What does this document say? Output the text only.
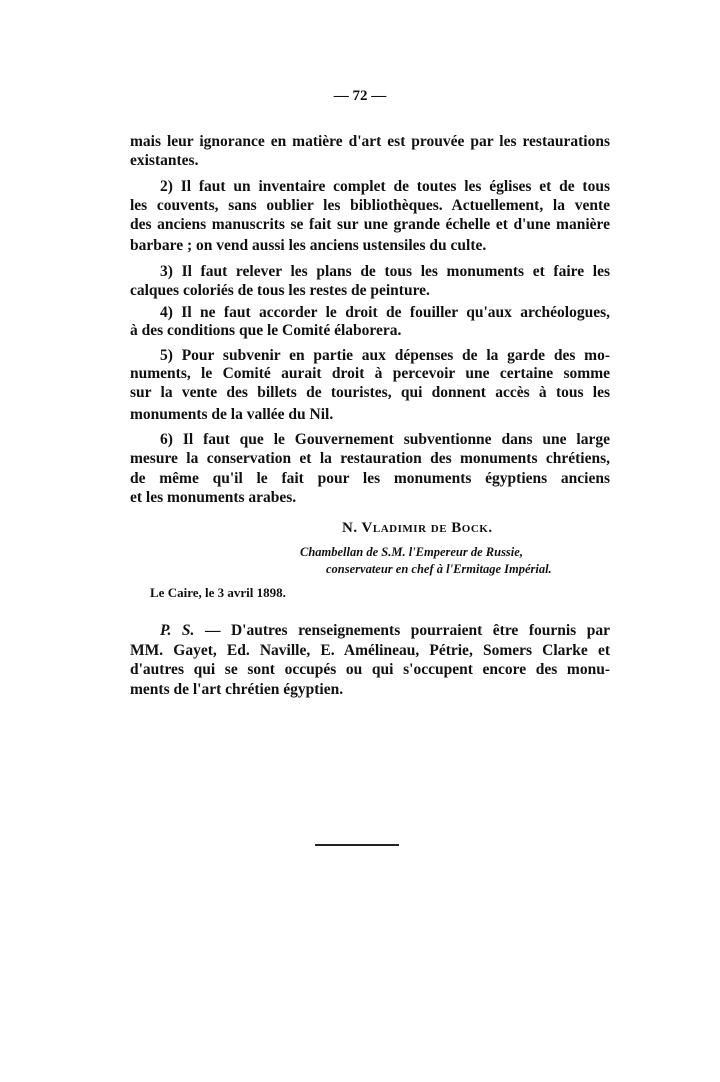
— 72 —
mais leur ignorance en matière d'art est prouvée par les restaurations
existantes.
2) Il faut un inventaire complet de toutes les églises et de tous
les couvents, sans oublier les bibliothèques. Actuellement, la vente
des anciens manuscrits se fait sur une grande échelle et d'une manière
barbare ; on vend aussi les anciens ustensiles du culte.
3) Il faut relever les plans de tous les monuments et faire les
calques coloriés de tous les restes de peinture.
4) Il ne faut accorder le droit de fouiller qu'aux archéologues,
à des conditions que le Comité élaborera.
5) Pour subvenir en partie aux dépenses de la garde des mo-
numents, le Comité aurait droit à percevoir une certaine somme
sur la vente des billets de touristes, qui donnent accès à tous les
monuments de la vallée du Nil.
6) Il faut que le Gouvernement subventionne dans une large
mesure la conservation et la restauration des monuments chrétiens,
de même qu'il le fait pour les monuments égyptiens anciens
et les monuments arabes.
N. Vladimir de Bock.
Chambellan de S.M. l'Empereur de Russie,
conservateur en chef à l'Ermitage Impérial.
Le Caire, le 3 avril 1898.
P. S. — D'autres renseignements pourraient être fournis par
MM. Gayet, Ed. Naville, E. Amélineau, Pétrie, Somers Clarke et
d'autres qui se sont occupés ou qui s'occupent encore des monu-
ments de l'art chrétien égyptien.
